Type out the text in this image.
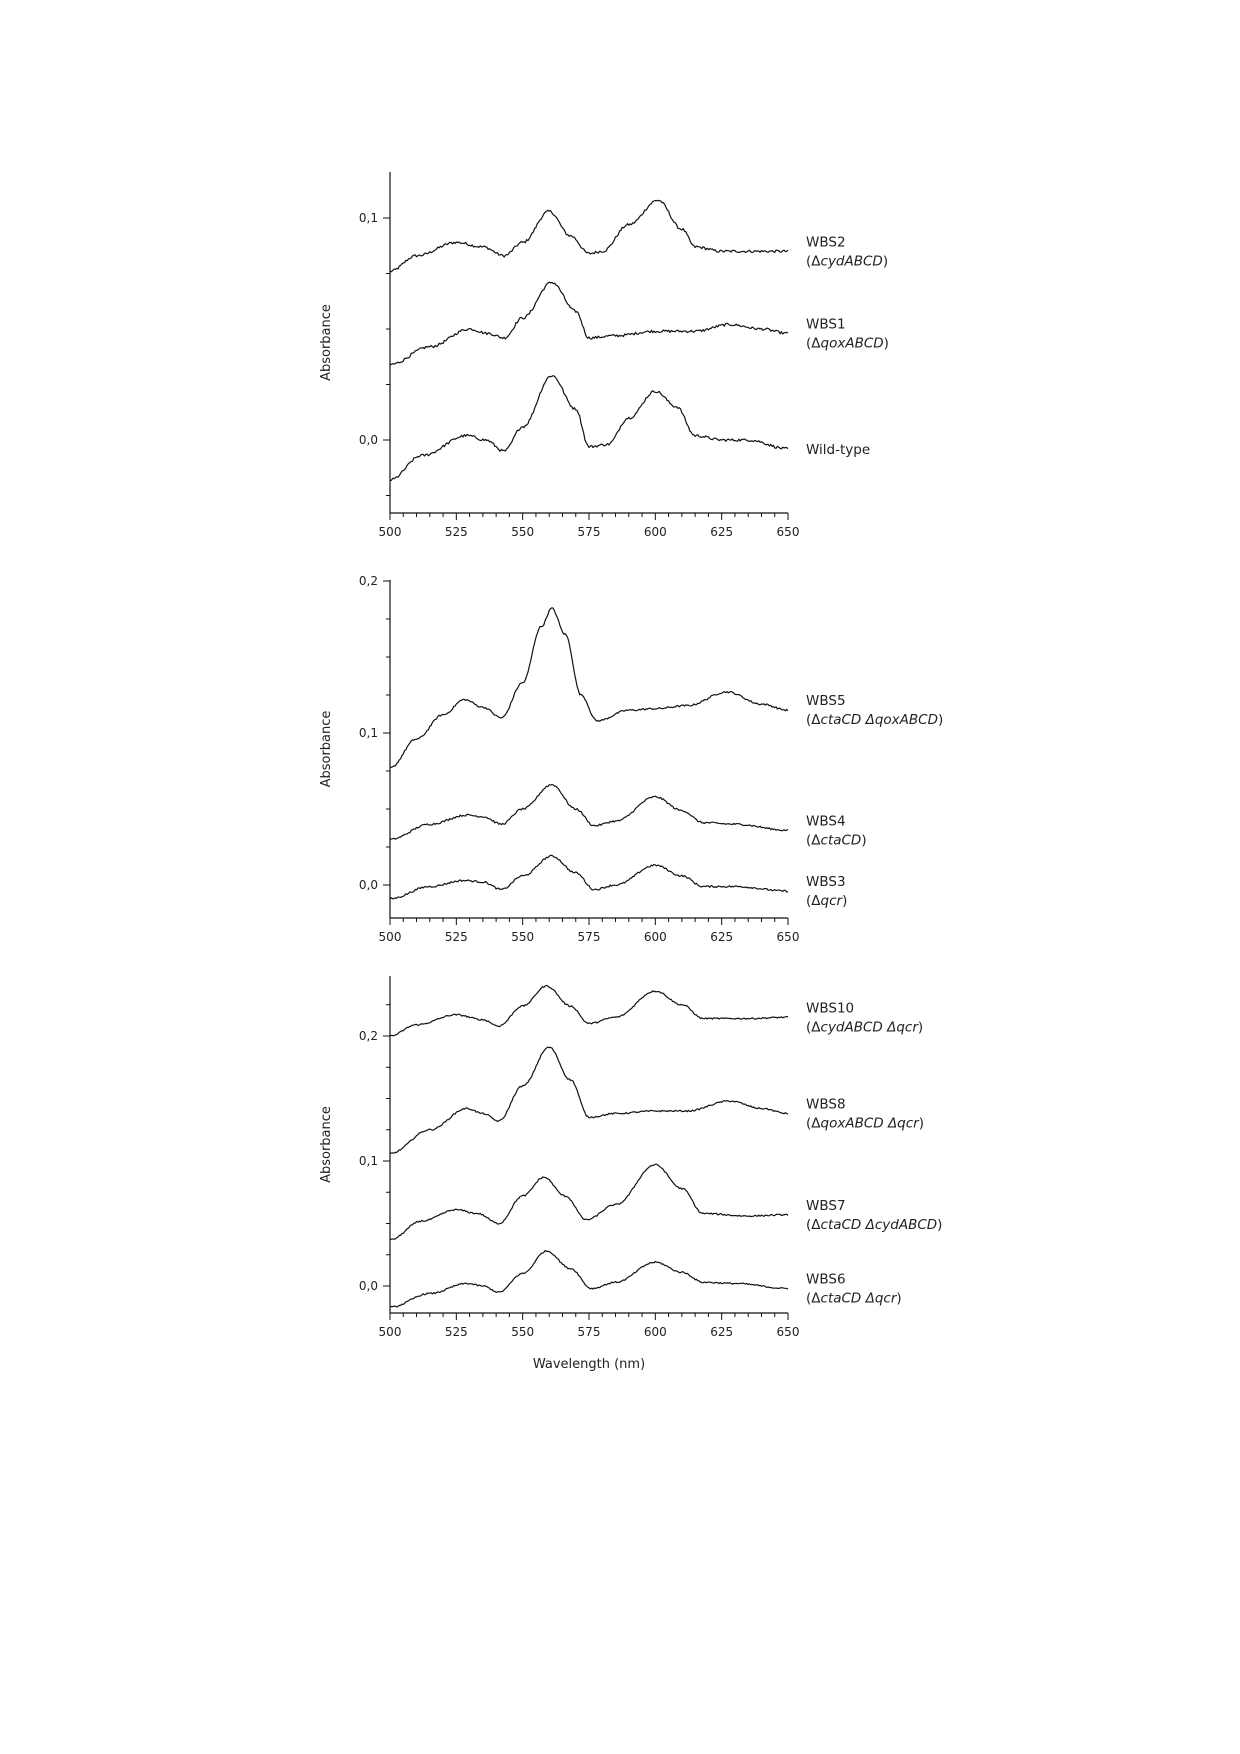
500	525	550	575	600	625	650
0,0
0,1
Absorbance
WBS2
(ΔcydABCD)
WBS1
(ΔqoxABCD)
Wild-type
500	525	550	575	600	625	650
0,0
0,1
0,2
Absorbance
WBS5
(ΔctaCD ΔqoxABCD)
WBS4
(ΔctaCD)
WBS3
(Δqcr)
500	525	550	575	600	625	650
0,0
0,1
0,2
Absorbance
Wavelength (nm)
WBS10
(ΔcydABCD Δqcr)
WBS8
(ΔqoxABCD Δqcr)
WBS7
(ΔctaCD ΔcydABCD)
WBS6
(ΔctaCD Δqcr)
